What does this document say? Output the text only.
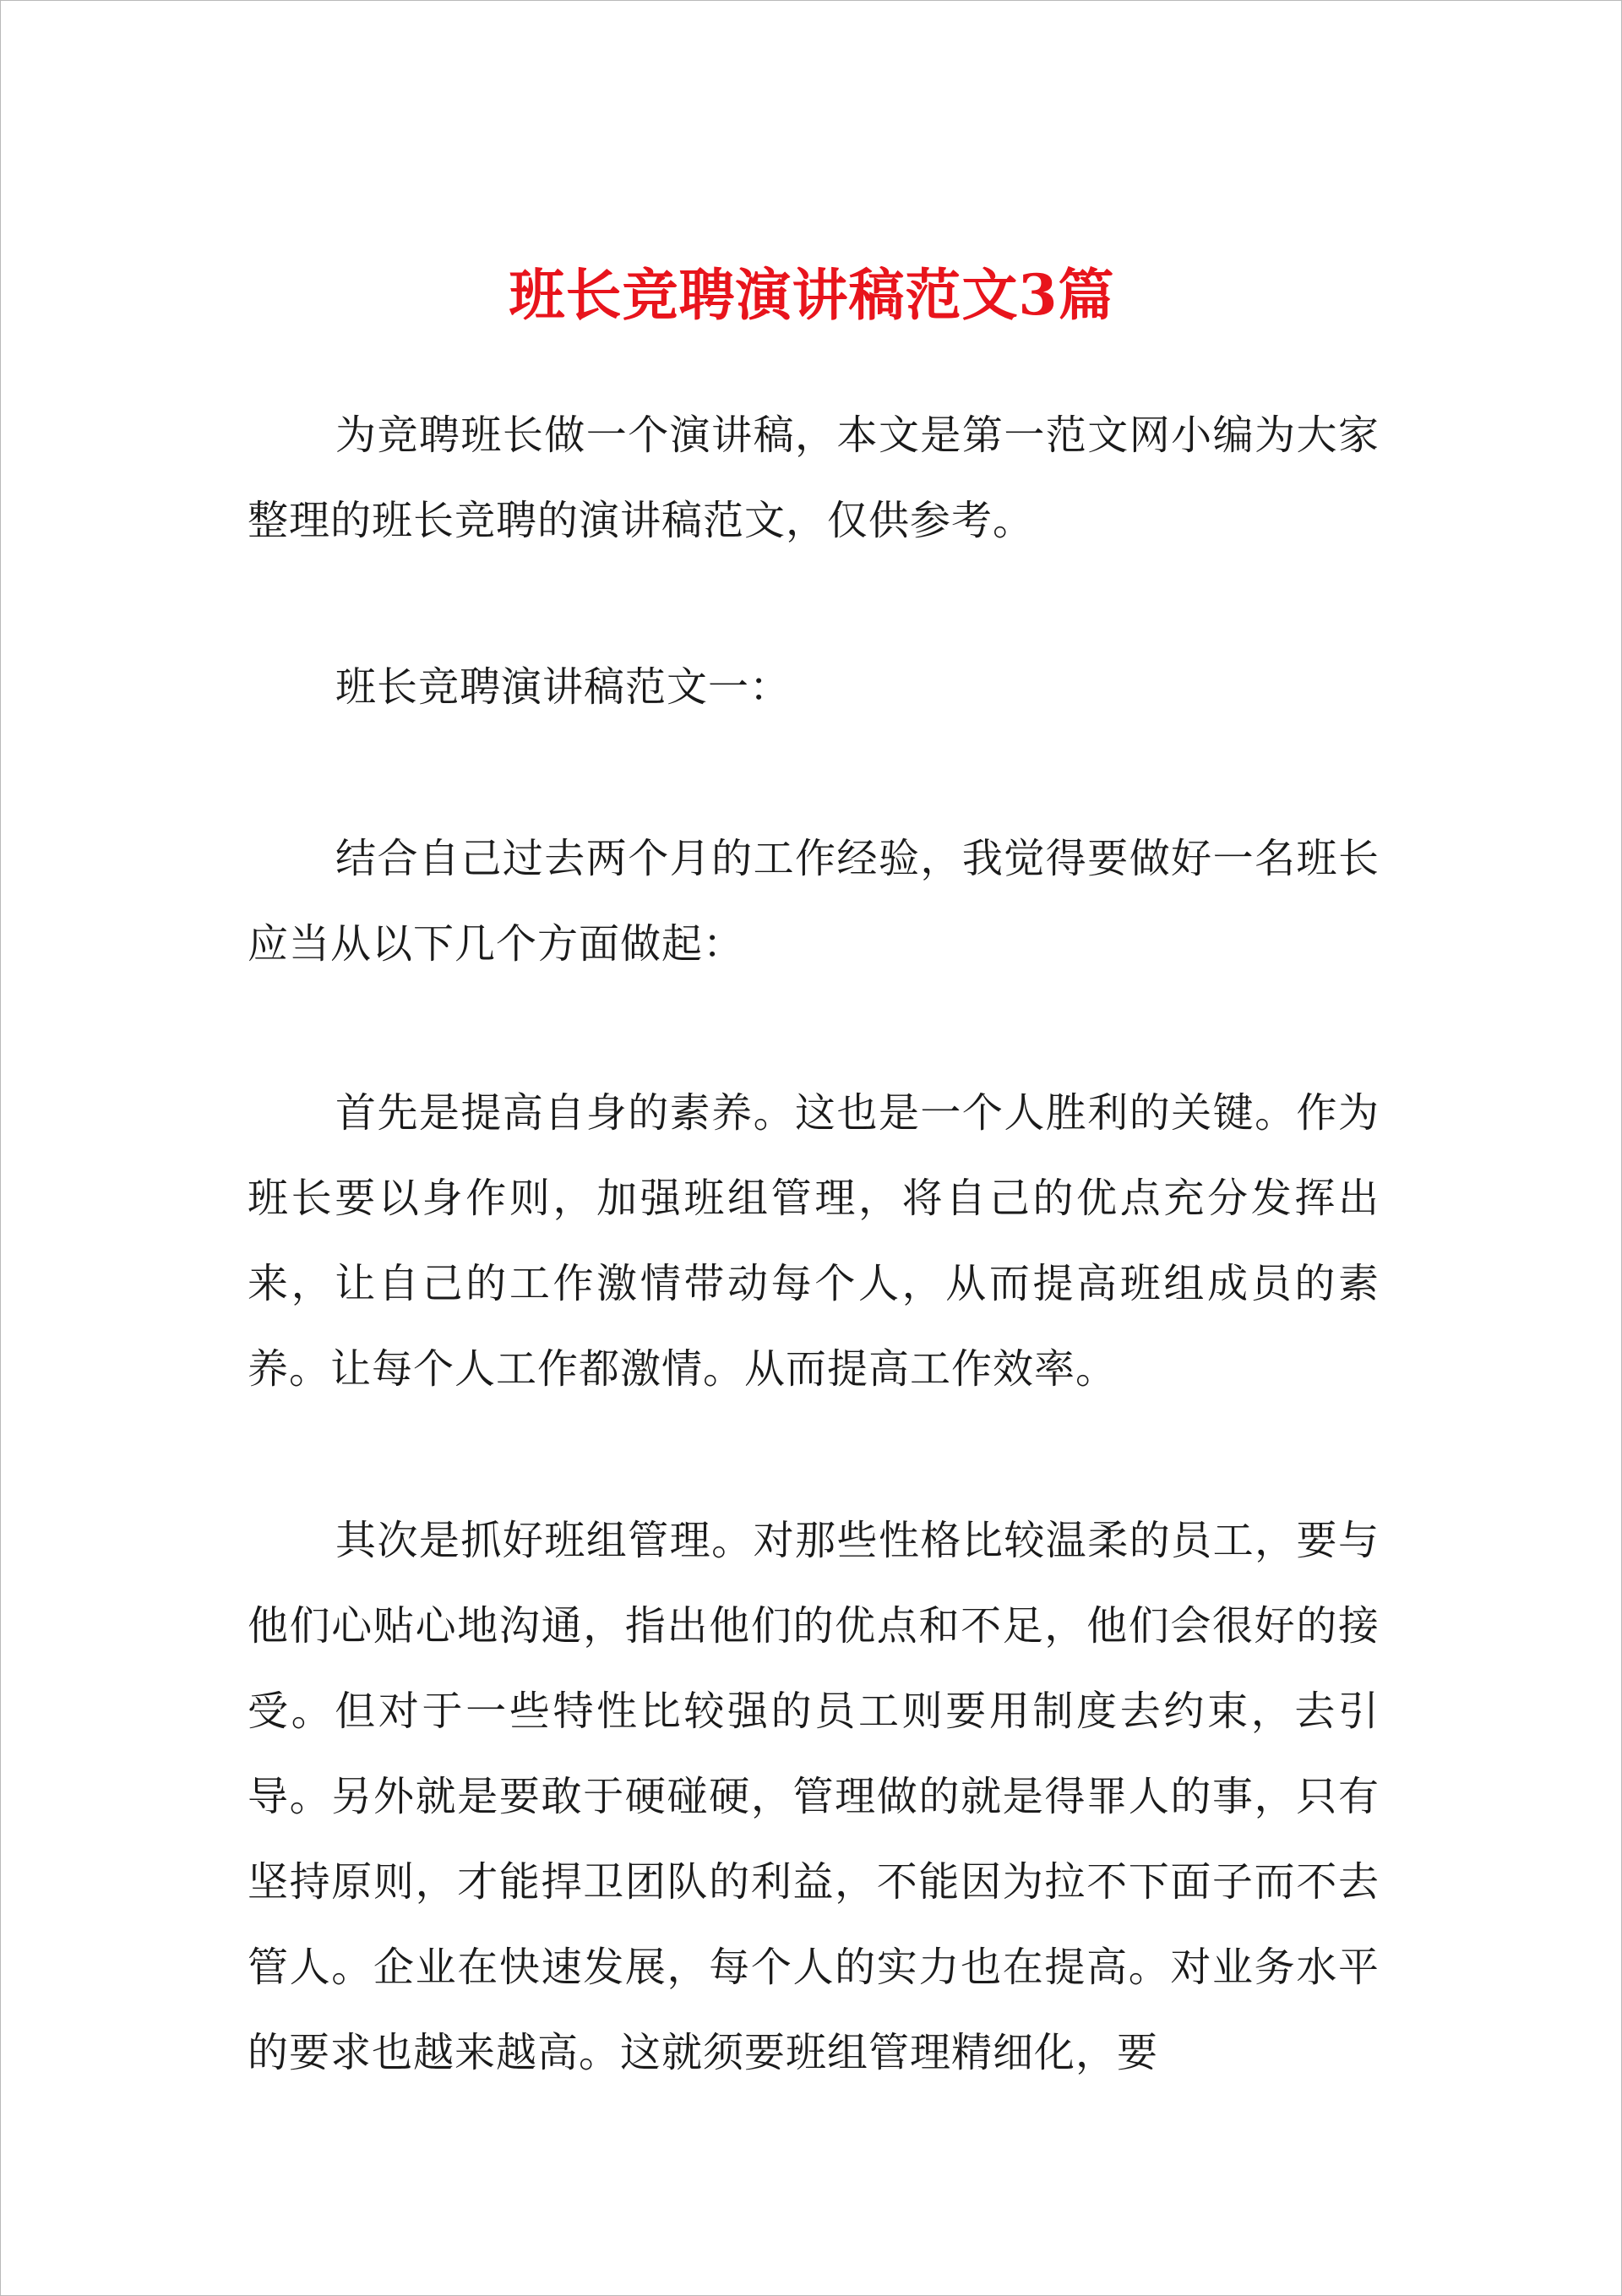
班长竞聘演讲稿范文3篇

为竞聘班长做一个演讲稿，本文是第一范文网小编为大家整理的班长竞聘的演讲稿范文，仅供参考。

班长竞聘演讲稿范文一：

结合自己过去两个月的工作经验，我觉得要做好一名班长应当从以下几个方面做起：

首先是提高自身的素养。这也是一个人胜利的关键。作为班长要以身作则，加强班组管理，将自己的优点充分发挥出来，让自己的工作激情带动每个人，从而提高班组成员的素养。让每个人工作都激情。从而提高工作效率。

其次是抓好班组管理。对那些性格比较温柔的员工，要与他们心贴心地沟通，指出他们的优点和不足，他们会很好的接受。但对于一些特性比较强的员工则要用制度去约束，去引导。另外就是要敢于硬碰硬，管理做的就是得罪人的事，只有坚持原则，才能捍卫团队的利益，不能因为拉不下面子而不去管人。企业在快速发展，每个人的实力也在提高。对业务水平的要求也越来越高。这就须要班组管理精细化，要
